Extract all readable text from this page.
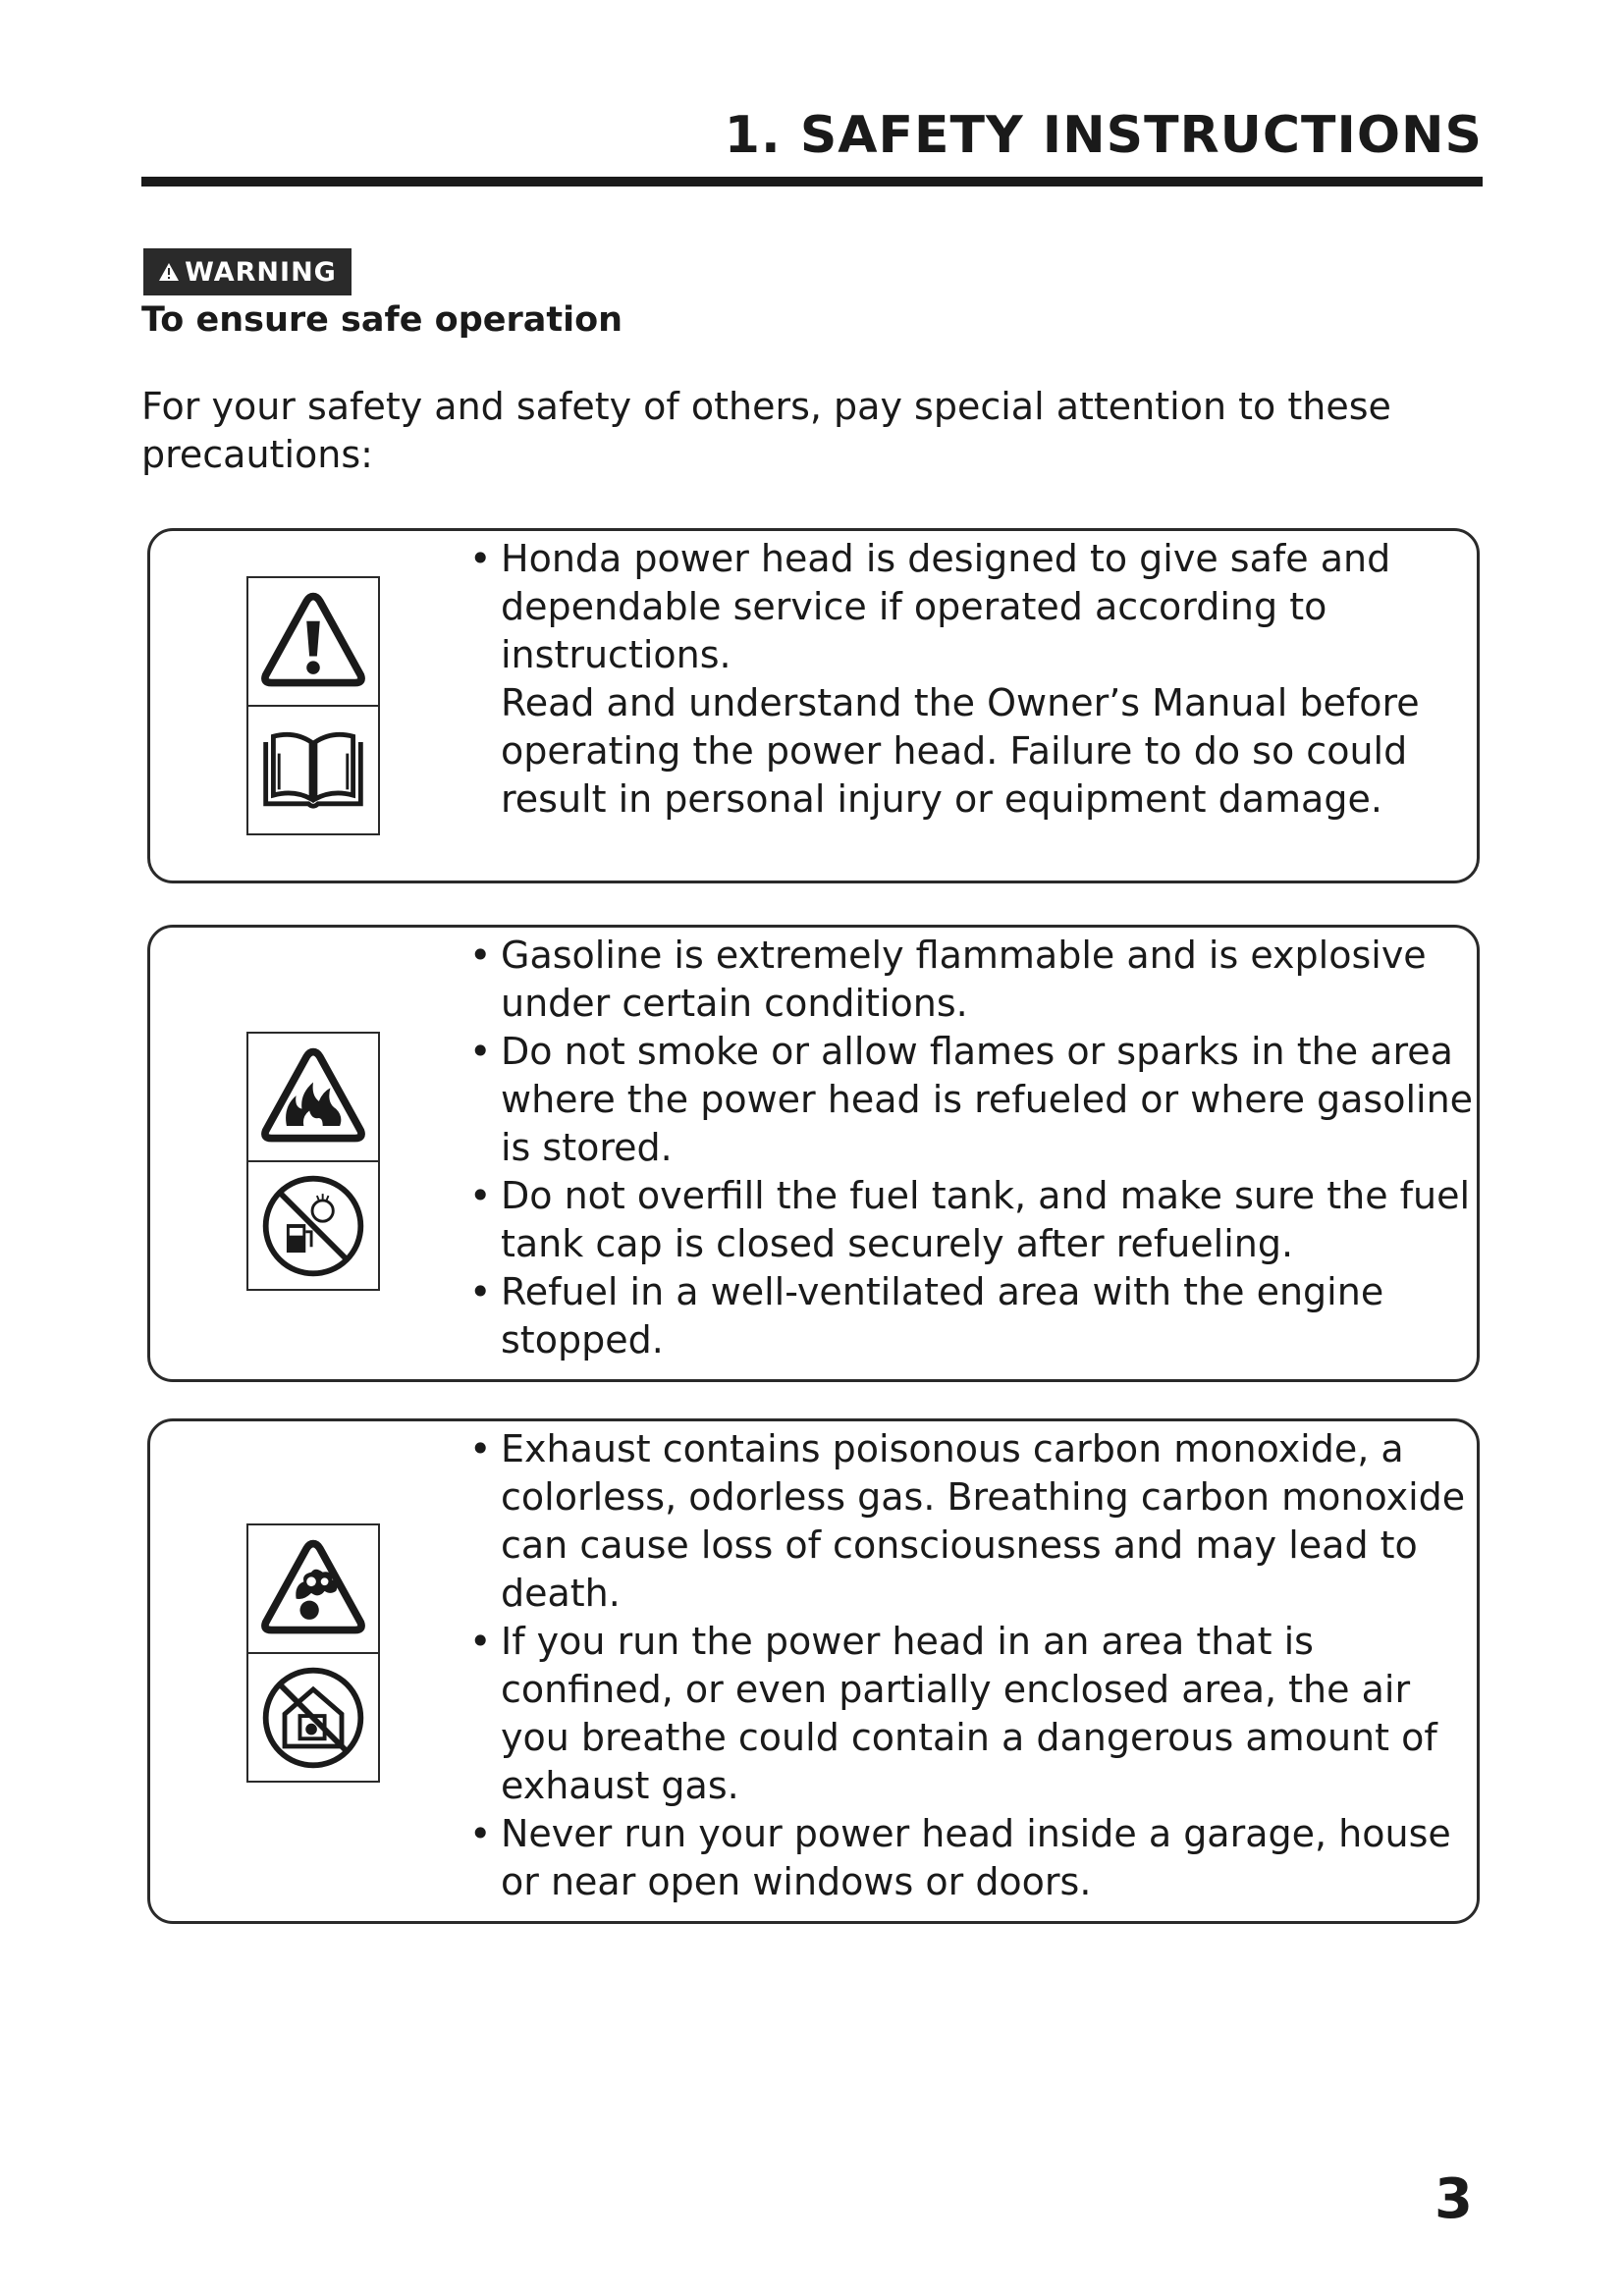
1. SAFETY INSTRUCTIONS
WARNING

To ensure safe operation

For your safety and safety of others, pay special attention to these precautions:

• Honda power head is designed to give safe and dependable service if operated according to instructions.
Read and understand the Owner’s Manual before operating the power head. Failure to do so could result in personal injury or equipment damage.
• Gasoline is extremely flammable and is explosive under certain conditions.
• Do not smoke or allow flames or sparks in the area where the power head is refueled or where gasoline is stored.
• Do not overfill the fuel tank, and make sure the fuel tank cap is closed securely after refueling.
• Refuel in a well-ventilated area with the engine stopped.
• Exhaust contains poisonous carbon monoxide, a colorless, odorless gas. Breathing carbon monoxide can cause loss of consciousness and may lead to death.
• If you run the power head in an area that is confined, or even partially enclosed area, the air you breathe could contain a dangerous amount of exhaust gas.
• Never run your power head inside a garage, house or near open windows or doors.
3
